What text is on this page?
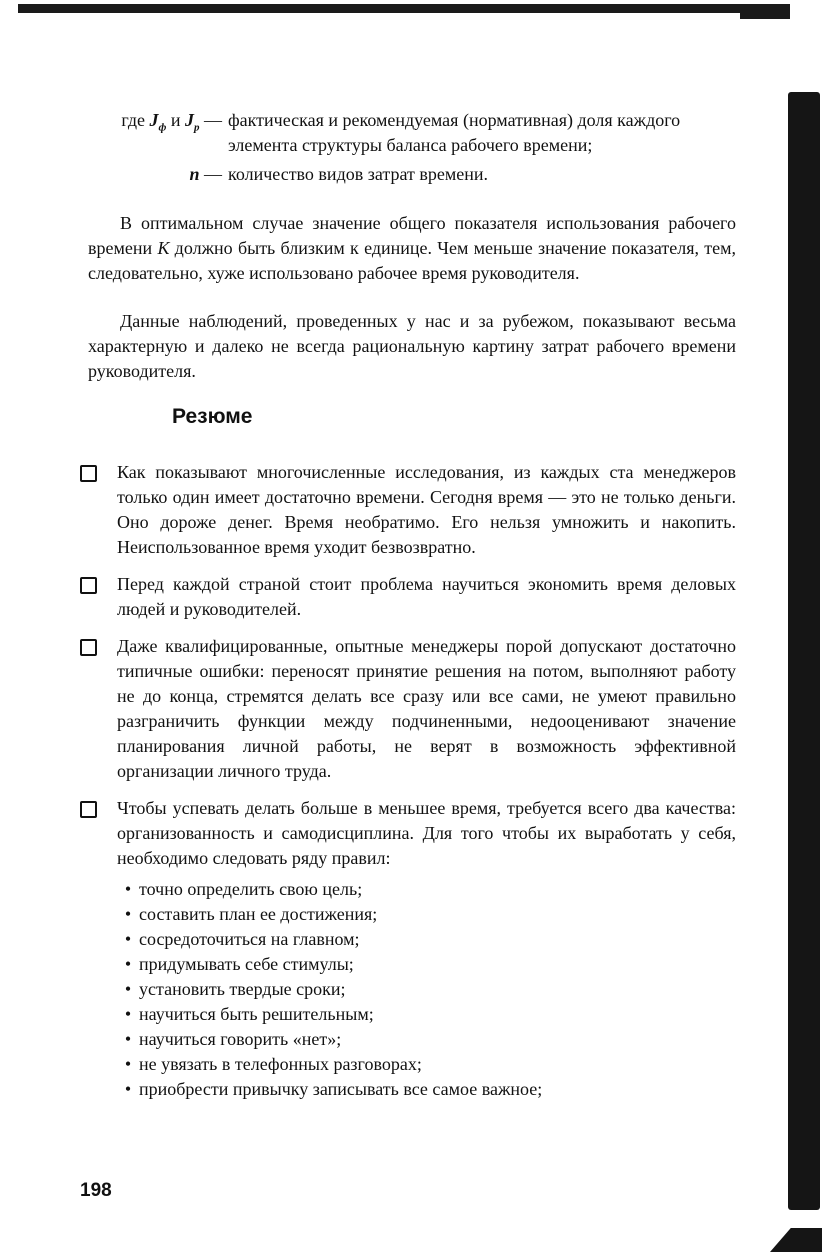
где $J_ф$ и $J_р$ — фактическая и рекомендуемая (нормативная) доля каждого элемента структуры баланса рабочего времени;
n — количество видов затрат времени.

В оптимальном случае значение общего показателя использования рабочего времени К должно быть близким к единице. Чем меньше значение показателя, тем, следовательно, хуже использовано рабочее время руководителя.

Данные наблюдений, проведенных у нас и за рубежом, показывают весьма характерную и далеко не всегда рациональную картину затрат рабочего времени руководителя.

Резюме
Как показывают многочисленные исследования, из каждых ста менеджеров только один имеет достаточно времени. Сегодня время — это не только деньги. Оно дороже денег. Время необратимо. Его нельзя умножить и накопить. Неиспользованное время уходит безвозвратно.
Перед каждой страной стоит проблема научиться экономить время деловых людей и руководителей.
Даже квалифицированные, опытные менеджеры порой допускают достаточно типичные ошибки: переносят принятие решения на потом, выполняют работу не до конца, стремятся делать все сразу или все сами, не умеют правильно разграничить функции между подчиненными, недооценивают значение планирования личной работы, не верят в возможность эффективной организации личного труда.
Чтобы успевать делать больше в меньшее время, требуется всего два качества: организованность и самодисциплина. Для того чтобы их выработать у себя, необходимо следовать ряду правил:
• точно определить свою цель;
• составить план ее достижения;
• сосредоточиться на главном;
• придумывать себе стимулы;
• установить твердые сроки;
• научиться быть решительным;
• научиться говорить «нет»;
• не увязать в телефонных разговорах;
• приобрести привычку записывать все самое важное;
198
